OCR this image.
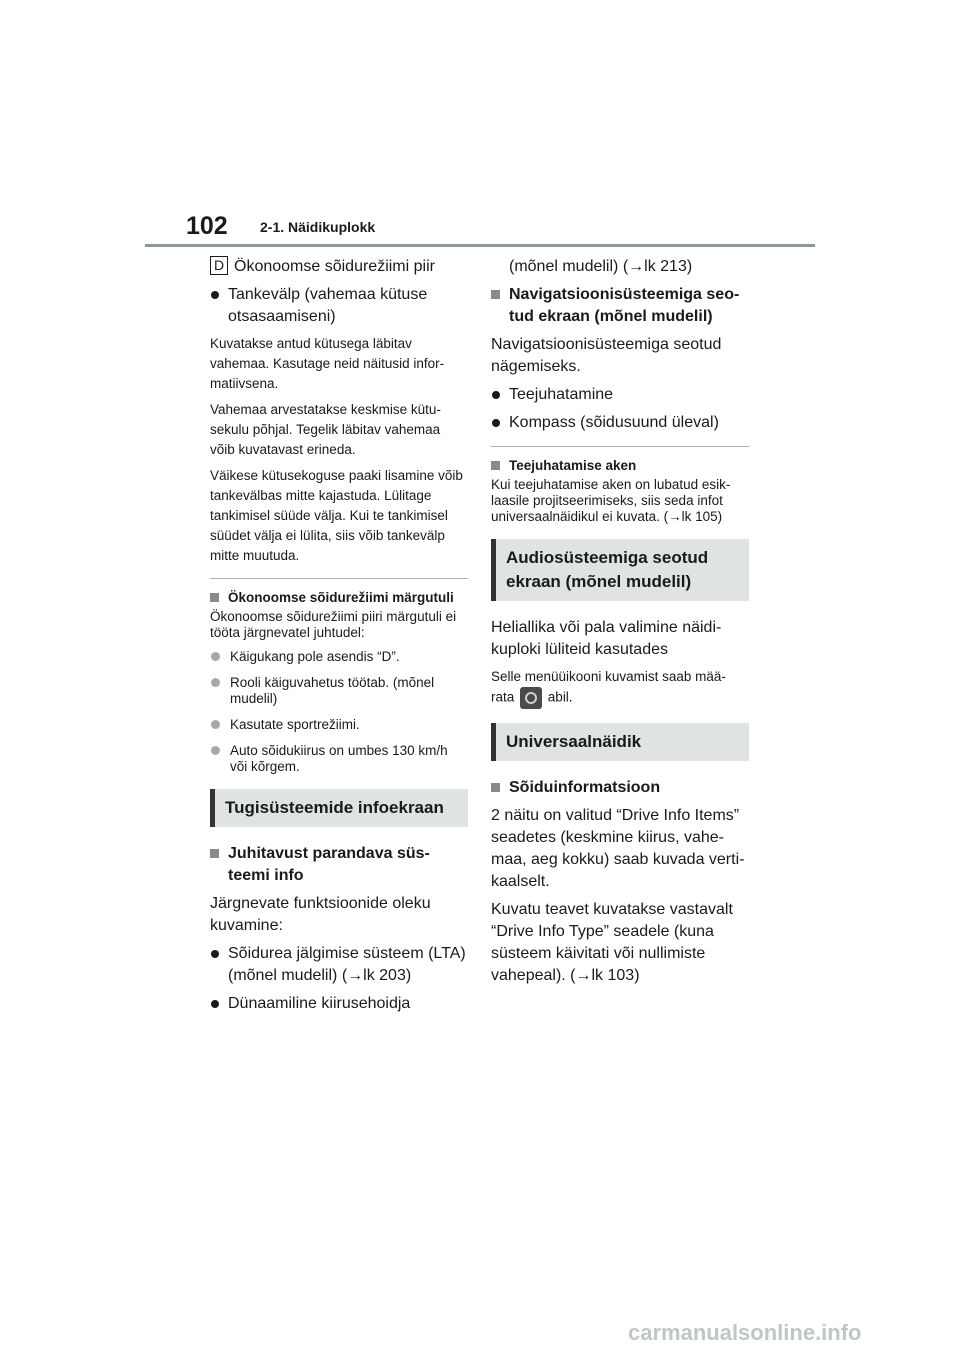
102 2-1. Näidikuplokk

D Ökonoomse sõidurežiimi piir

Tankevälp (vahemaa kütuse otsasaamiseni)

Kuvatakse antud kütusega läbitav vahemaa. Kasutage neid näitusid infor-matiivsena.

Vahemaa arvestatakse keskmise kütu-sekulu põhjal. Tegelik läbitav vahemaa võib kuvatavast erineda.

Väikese kütusekoguse paaki lisamine võib tankevälbas mitte kajastuda. Lülitage tankimisel süüde välja. Kui te tankimisel süüdet välja ei lülita, siis võib tankevälp mitte muutuda.

Ökonoomse sõidurežiimi märgutuli

Ökonoomse sõidurežiimi piiri märgutuli ei tööta järgnevatel juhtudel:

Käigukang pole asendis “D”.
Rooli käiguvahetus töötab. (mõnel mudelil)
Kasutate sportrežiimi.
Auto sõidukiirus on umbes 130 km/h või kõrgem.
Tugisüsteemide infoekraan
Juhitavust parandava süs-teemi info

Järgnevate funktsioonide oleku kuvamine:

Sõidurea jälgimise süsteem (LTA) (mõnel mudelil) (→lk 203)
Dünaamiline kiirusehoidja

(mõnel mudelil) (→lk 213)

Navigatsioonisüsteemiga seo-tud ekraan (mõnel mudelil)

Navigatsioonisüsteemiga seotud nägemiseks.

Teejuhatamine
Kompass (sõidusuund üleval)
Teejuhatamise aken

Kui teejuhatamise aken on lubatud esik-laasile projitseerimiseks, siis seda infot universaalnäidikul ei kuvata. (→lk 105)

Audiosüsteemiga seotud ekraan (mõnel mudelil)

Heliallika või pala valimine näidi-kuploki lüliteid kasutades

Selle menüüikooni kuvamist saab mää-rata abil.

Universaalnäidik
Sõiduinformatsioon

2 näitu on valitud “Drive Info Items” seadetes (keskmine kiirus, vahe-maa, aeg kokku) saab kuvada verti-kaalselt.

Kuvatu teavet kuvatakse vastavalt “Drive Info Type” seadele (kuna süsteem käivitati või nullimiste vahepeal). (→lk 103)

carmanualsonline.info
